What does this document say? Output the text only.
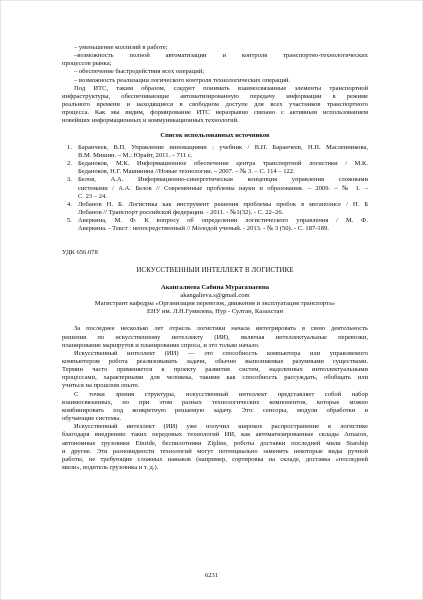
– уменьшение коллизий в работе;
–возможность полной автоматизации и контроля транспортно-технологических
процессов рынка;
– обеспечение быстродействия всех операций;
– возможность реализации логического контроля технологических операций.
Под ИТС, таким образом, следует понимать взаимосвязанные элементы транспортной
инфраструктуры, обеспечивающие автоматизированную передачу информации в режиме
реального времени и находящиеся в свободном доступе для всех участников транспортного
процесса. Как мы видим, формирование ИТС неразрывно связано с активным использованием
новейших информационных и коммуникационных технологий.
Список использованных источников
1. Баранчеев, В.П. Управление инновациями : учебник / В.П. Баранчеев, Н.П. Масленникова,
В.М. Мишин. – М.: Юрайт, 2011. – 711 с.
2. Беданоков, М.К. Информационное обеспечение центра транспортной логистики / М.К.
Беданоков, Н.Г. Машинина //Новые технологии. – 2007. – № 3. – С. 114 – 122.
3. Белов, А.А. Информационно-синергетическая концепция управления сложными
системами / А.А. Белов // Современные проблемы науки и образования. – 2009. – № 1. –
С. 23 – 24.
4. Лобанов Н. Б. Логистика как инструмент решения проблемы пробок в мегаполисе / Н. Б
Лобанов // Транспорт российской федерации. - 2011. - №1(32). - С. 22–26.
5. Аверкина, М. Ф. К вопросу об определении логистического управления / М. Ф.
Аверкина. - Текст : непосредственный // Молодой ученый. - 2013. - № 3 (50). - С. 187-189.
УДК 656.078
ИСКУССТВЕННЫЙ ИНТЕЛЛЕКТ В ЛОГИСТИКЕ
Акангалиева Сабина Мурагазыевна
akangalieva.s@gmail.com
Магистрант кафедры «Организация перевозок, движения и эксплуатация транспорта»
ЕНУ им. Л.Н.Гумилева, Нур - Султан, Казахстан
За последнее несколько лет отрасль логистики начала интегрировать в свою деятельность
решения по искусственному интеллекту (ИИ), включая интеллектуальные перевозки,
планирование маршрутов и планирование спроса, и это только начало.
Искусственный интеллект (ИИ) — это способность компьютера или управляемого
компьютером робота реализовывать задачи, обычно выполняемые разумными существами.
Термин часто применяется к проекту развития систем, наделенных интеллектуальными
процессами, характерными для человека, такими как способность рассуждать, обобщать или
учиться на прошлом опыте.
С точки зрения структуры, искусственный интеллект представляет собой набор
взаимосвязанных, но при этом разных технологических компонентов, которые можно
комбинировать под конкретную решаемую задачу. Это: сенсоры, модули обработки и
обучающие системы.
Искусственный интеллект (ИИ) уже получил широкое распространение в логистике
благодаря внедрению таких передовых технологий ИИ, как автоматизированные склады Amazon,
автономные грузовики Einride, беспилотники Zipline, роботы доставки последней мили Starship
и другие. Эти разновидности технологий могут потенциально заменить некоторые виды ручной
работы, не требующие сложных навыков (например, сортировка на складе, доставка «последней
мили», водитель грузовика и т. д.).
6231
